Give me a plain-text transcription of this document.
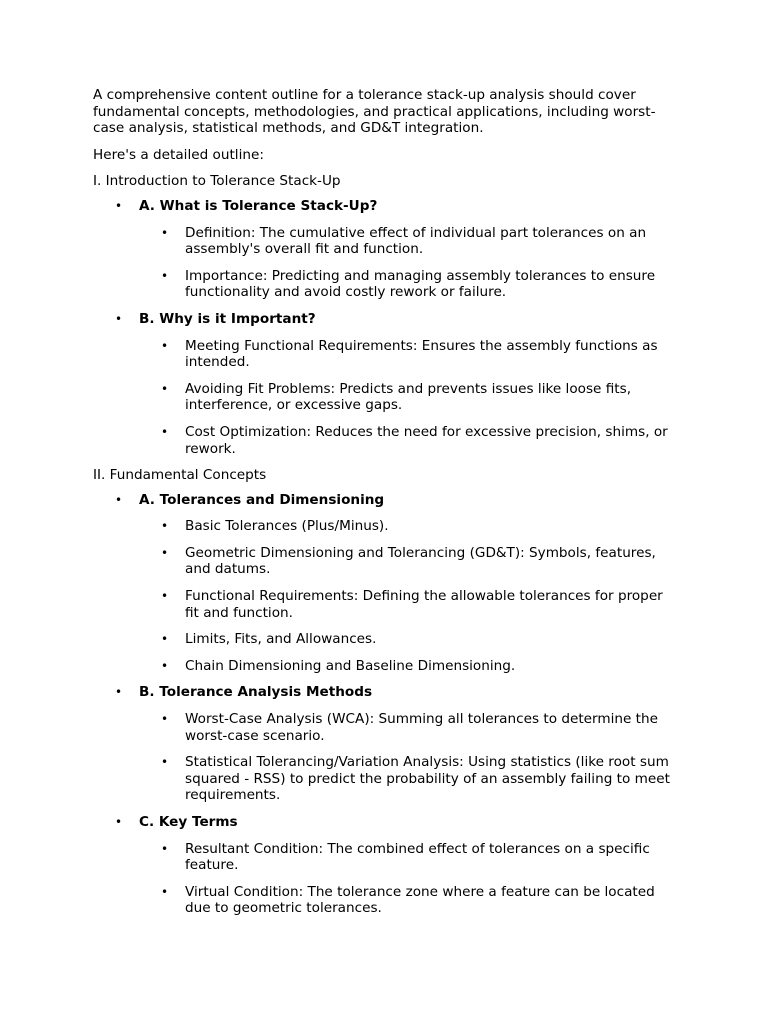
A comprehensive content outline for a tolerance stack-up analysis should cover fundamental concepts, methodologies, and practical applications, including worst-case analysis, statistical methods, and GD&T integration.

Here's a detailed outline:

I. Introduction to Tolerance Stack-Up

• A. What is Tolerance Stack-Up?
• Definition: The cumulative effect of individual part tolerances on an assembly's overall fit and function.
• Importance: Predicting and managing assembly tolerances to ensure functionality and avoid costly rework or failure.
• B. Why is it Important?
• Meeting Functional Requirements: Ensures the assembly functions as intended.
• Avoiding Fit Problems: Predicts and prevents issues like loose fits, interference, or excessive gaps.
• Cost Optimization: Reduces the need for excessive precision, shims, or rework.

II. Fundamental Concepts

• A. Tolerances and Dimensioning
• Basic Tolerances (Plus/Minus).
• Geometric Dimensioning and Tolerancing (GD&T): Symbols, features, and datums.
• Functional Requirements: Defining the allowable tolerances for proper fit and function.
• Limits, Fits, and Allowances.
• Chain Dimensioning and Baseline Dimensioning.
• B. Tolerance Analysis Methods
• Worst-Case Analysis (WCA): Summing all tolerances to determine the worst-case scenario.
• Statistical Tolerancing/Variation Analysis: Using statistics (like root sum squared - RSS) to predict the probability of an assembly failing to meet requirements.
• C. Key Terms
• Resultant Condition: The combined effect of tolerances on a specific feature.
• Virtual Condition: The tolerance zone where a feature can be located due to geometric tolerances.
